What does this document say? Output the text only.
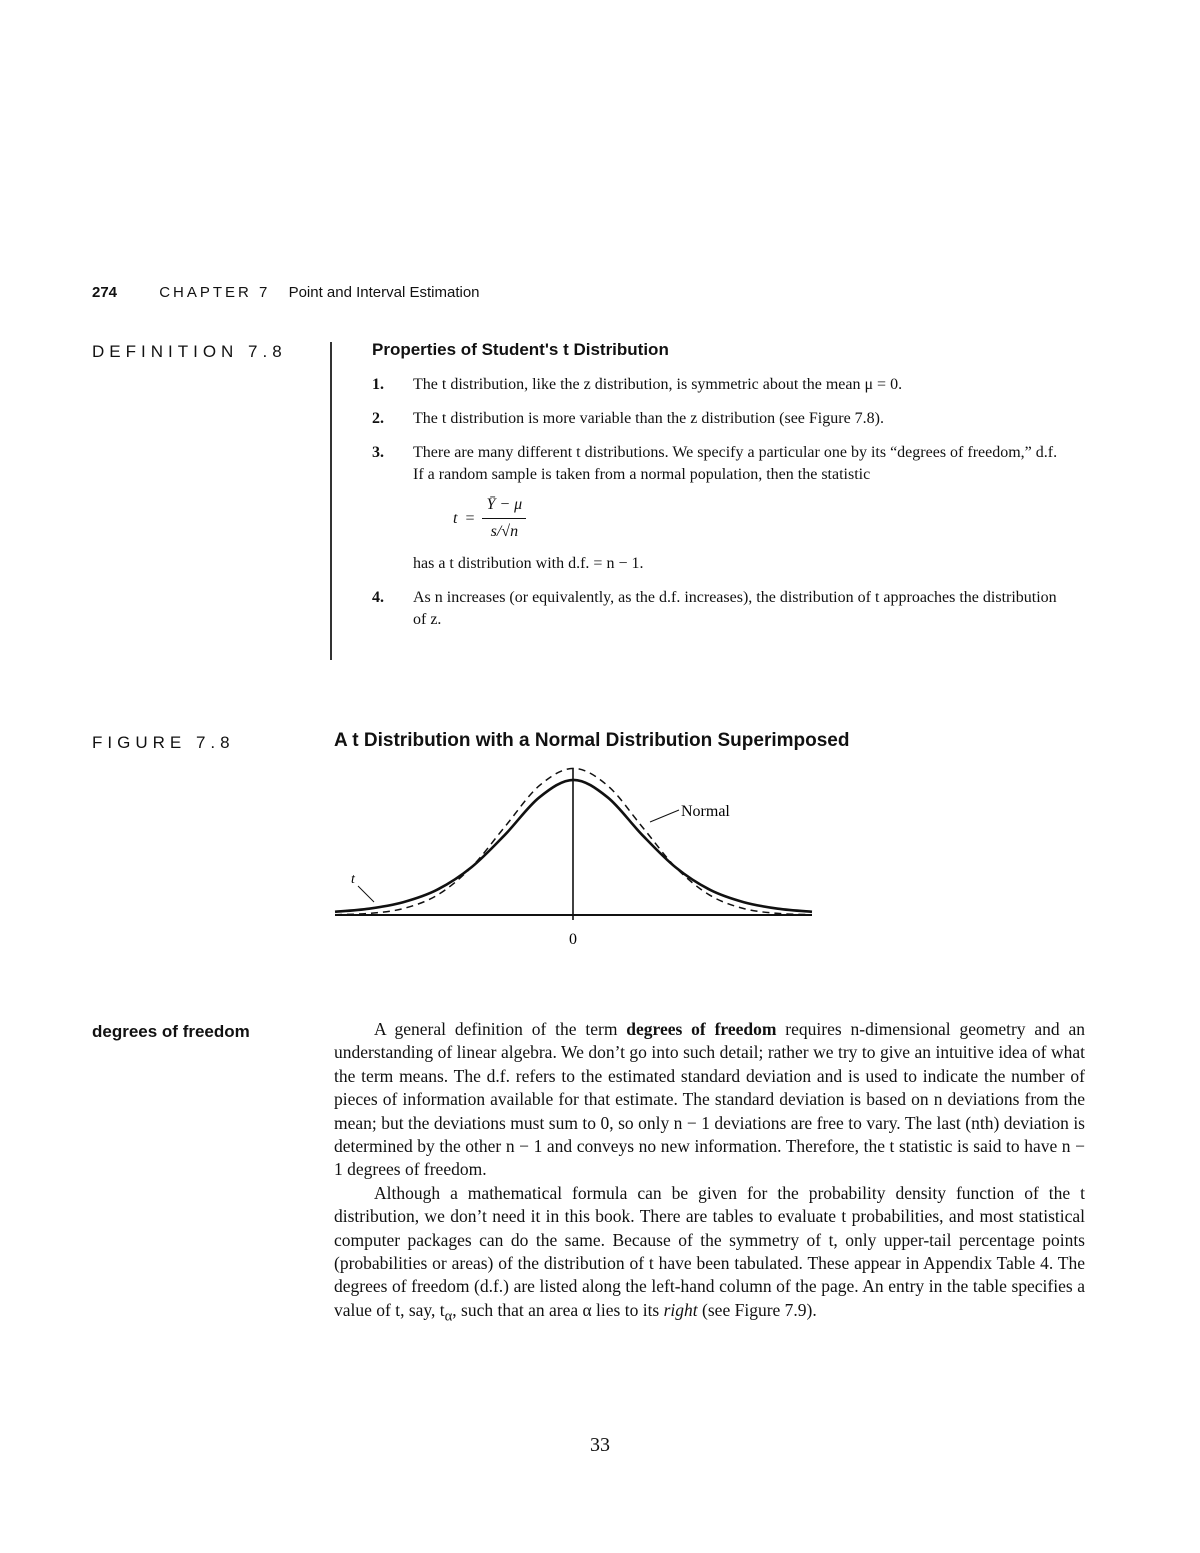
274	CHAPTER 7 Point and Interval Estimation
DEFINITION 7.8	Properties of Student's t Distribution
1.	The t distribution, like the z distribution, is symmetric about the mean μ = 0.
2.	The t distribution is more variable than the z distribution (see Figure 7.8).
3.	There are many different t distributions. We specify a particular one by its “degrees of freedom,” d.f. If a random sample is taken from a normal population, then the statistic
$t = \frac{Ȳ - \mu}{s/√n}$
has a t distribution with d.f. = n − 1.
4.	As n increases (or equivalently, as the d.f. increases), the distribution of t approaches the distribution of z.
FIGURE 7.8	A t Distribution with a Normal Distribution Superimposed
Normal
t
0
degrees of freedom	A general definition of the term degrees of freedom requires n-dimensional geometry and an understanding of linear algebra. We don’t go into such detail; rather we try to give an intuitive idea of what the term means. The d.f. refers to the estimated standard deviation and is used to indicate the number of pieces of information available for that estimate. The standard deviation is based on n deviations from the mean; but the deviations must sum to 0, so only n − 1 deviations are free to vary. The last (nth) deviation is determined by the other n − 1 and conveys no new information. Therefore, the t statistic is said to have n − 1 degrees of freedom.

Although a mathematical formula can be given for the probability density function of the t distribution, we don’t need it in this book. There are tables to evaluate t probabilities, and most statistical computer packages can do the same. Because of the symmetry of t, only upper-tail percentage points (probabilities or areas) of the distribution of t have been tabulated. These appear in Appendix Table 4. The degrees of freedom (d.f.) are listed along the left-hand column of the page. An entry in the table specifies a value of t, say, $t_\alpha$, such that an area α lies to its right (see Figure 7.9).

33
